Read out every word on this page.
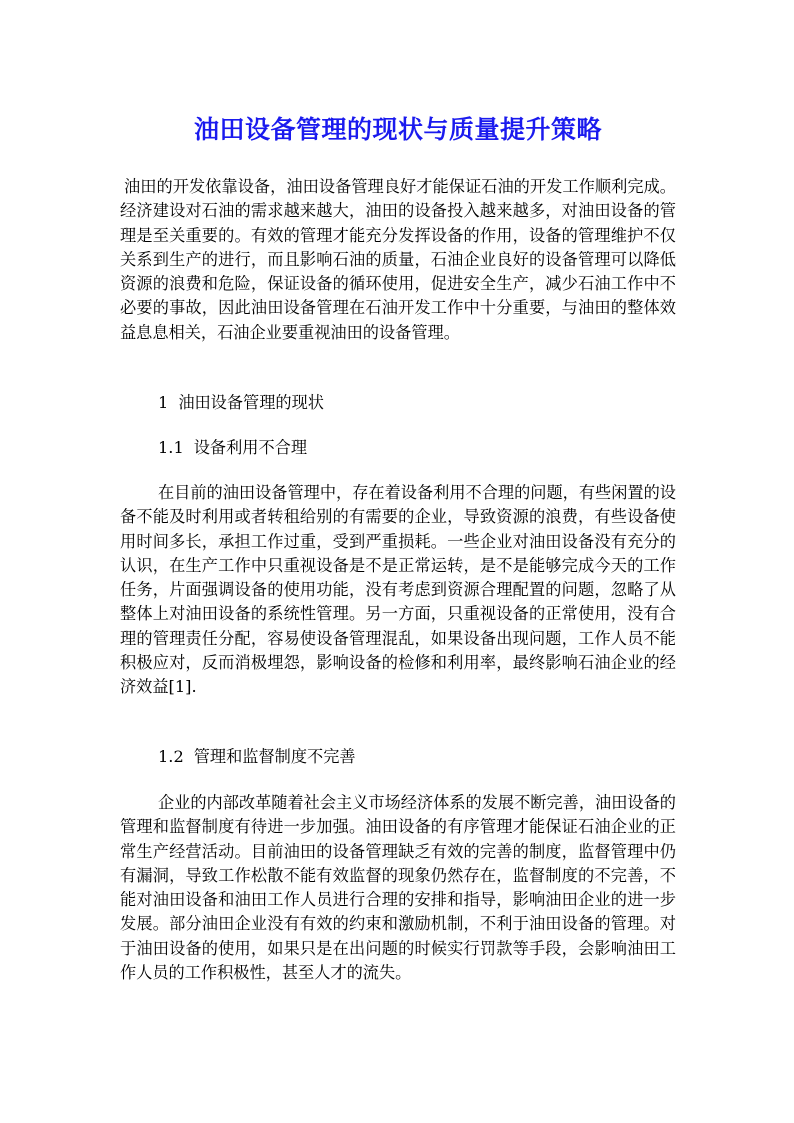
油田设备管理的现状与质量提升策略

油田的开发依靠设备，油田设备管理良好才能保证石油的开发工作顺利完成。经济建设对石油的需求越来越大，油田的设备投入越来越多，对油田设备的管理是至关重要的。有效的管理才能充分发挥设备的作用，设备的管理维护不仅关系到生产的进行，而且影响石油的质量，石油企业良好的设备管理可以降低资源的浪费和危险，保证设备的循环使用，促进安全生产，减少石油工作中不必要的事故，因此油田设备管理在石油开发工作中十分重要，与油田的整体效益息息相关，石油企业要重视油田的设备管理。

1 油田设备管理的现状

1.1 设备利用不合理

在目前的油田设备管理中，存在着设备利用不合理的问题，有些闲置的设备不能及时利用或者转租给别的有需要的企业，导致资源的浪费，有些设备使用时间多长，承担工作过重，受到严重损耗。一些企业对油田设备没有充分的认识，在生产工作中只重视设备是不是正常运转，是不是能够完成今天的工作任务，片面强调设备的使用功能，没有考虑到资源合理配置的问题，忽略了从整体上对油田设备的系统性管理。另一方面，只重视设备的正常使用，没有合理的管理责任分配，容易使设备管理混乱，如果设备出现问题，工作人员不能积极应对，反而消极埋怨，影响设备的检修和利用率，最终影响石油企业的经济效益[1].

1.2 管理和监督制度不完善

企业的内部改革随着社会主义市场经济体系的发展不断完善，油田设备的管理和监督制度有待进一步加强。油田设备的有序管理才能保证石油企业的正常生产经营活动。目前油田的设备管理缺乏有效的完善的制度，监督管理中仍有漏洞，导致工作松散不能有效监督的现象仍然存在，监督制度的不完善，不能对油田设备和油田工作人员进行合理的安排和指导，影响油田企业的进一步发展。部分油田企业没有有效的约束和激励机制，不利于油田设备的管理。对于油田设备的使用，如果只是在出问题的时候实行罚款等手段，会影响油田工作人员的工作积极性，甚至人才的流失。
